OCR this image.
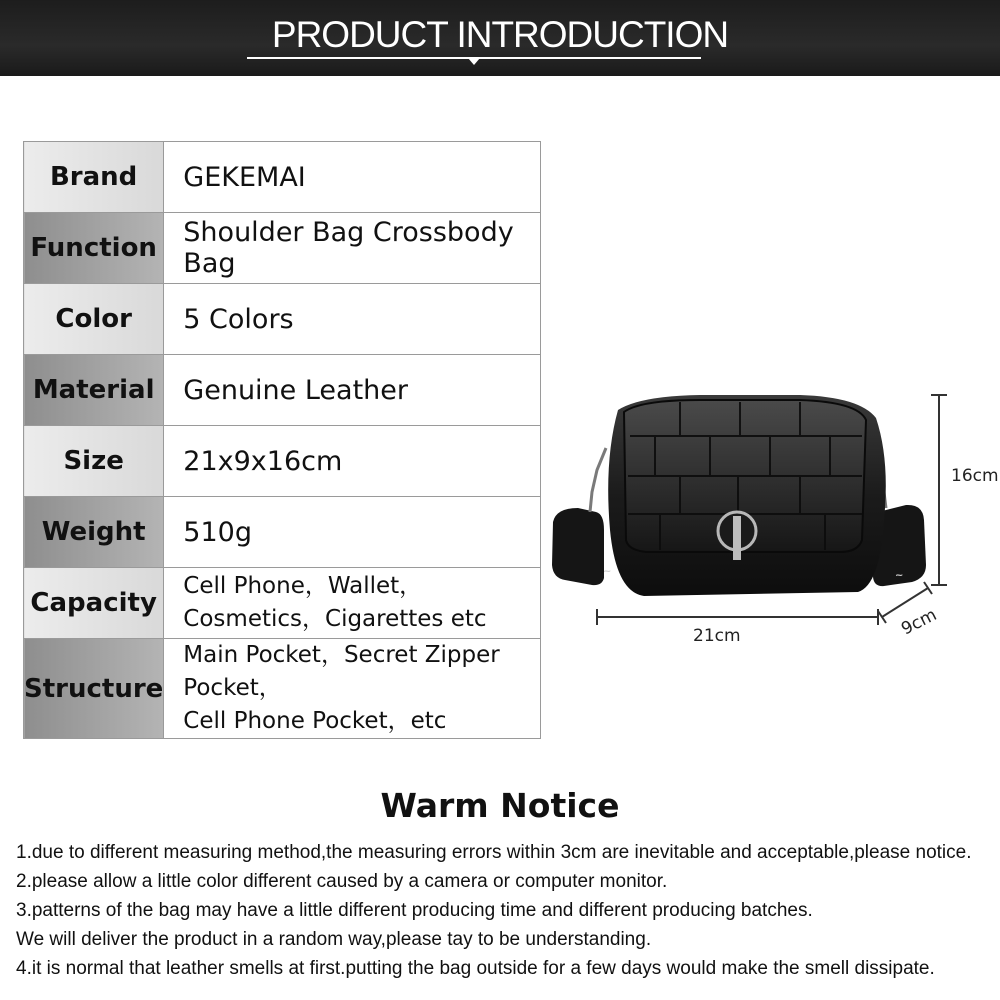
PRODUCT INTRODUCTION
Brand	GEKEMAI
Function	Shoulder Bag Crossbody Bag
Color	5 Colors
Material	Genuine Leather
Size	21x9x16cm
Weight	510g
Capacity	Cell Phone，Wallet，
Cosmetics，Cigarettes etc

Structure	Main Pocket，Secret Zipper Pocket，
Cell Phone Pocket，etc
~	~
16cm
21cm	9cm
Warm Notice
1.due to different measuring method,the measuring errors within 3cm are inevitable and acceptable,please notice.
2.please allow a little color different caused by a camera or computer monitor.
3.patterns of the bag may have a little different producing time and different producing batches.
We will deliver the product in a random way,please tay to be understanding.
4.it is normal that leather smells at first.putting the bag outside for a few days would make the smell dissipate.
